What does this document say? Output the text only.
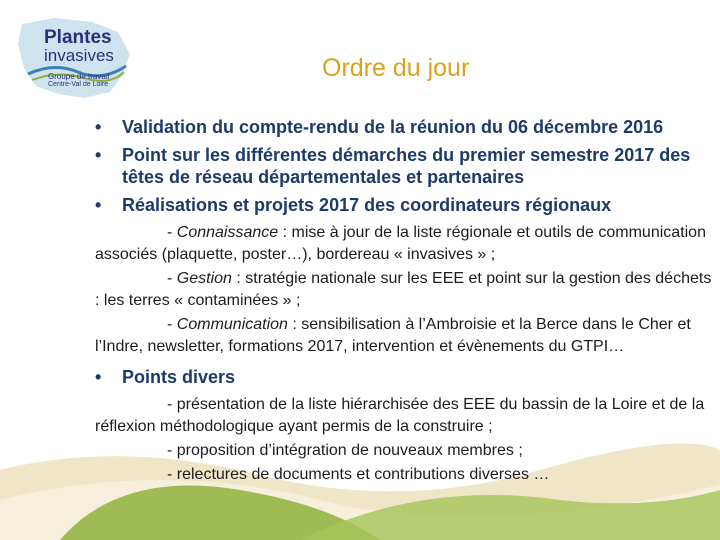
Plantes
invasives
Groupe de travail
Centre-Val de Loire
Ordre du jour
• Validation du compte-rendu de la réunion du 06 décembre 2016
• Point sur les différentes démarches du premier semestre 2017 des têtes de réseau départementales et partenaires
• Réalisations et projets 2017 des coordinateurs régionaux
- Connaissance : mise à jour de la liste régionale et outils de communication associés (plaquette, poster…), bordereau « invasives » ;
- Gestion : stratégie nationale sur les EEE et point sur la gestion des déchets : les terres « contaminées » ;
- Communication : sensibilisation à l’Ambroisie et la Berce dans le Cher et l’Indre, newsletter, formations 2017, intervention et évènements du GTPI…
• Points divers
- présentation de la liste hiérarchisée des EEE du bassin de la Loire et de la réflexion méthodologique ayant permis de la construire ;
- proposition d’intégration de nouveaux membres ;
- relectures de documents et contributions diverses …
